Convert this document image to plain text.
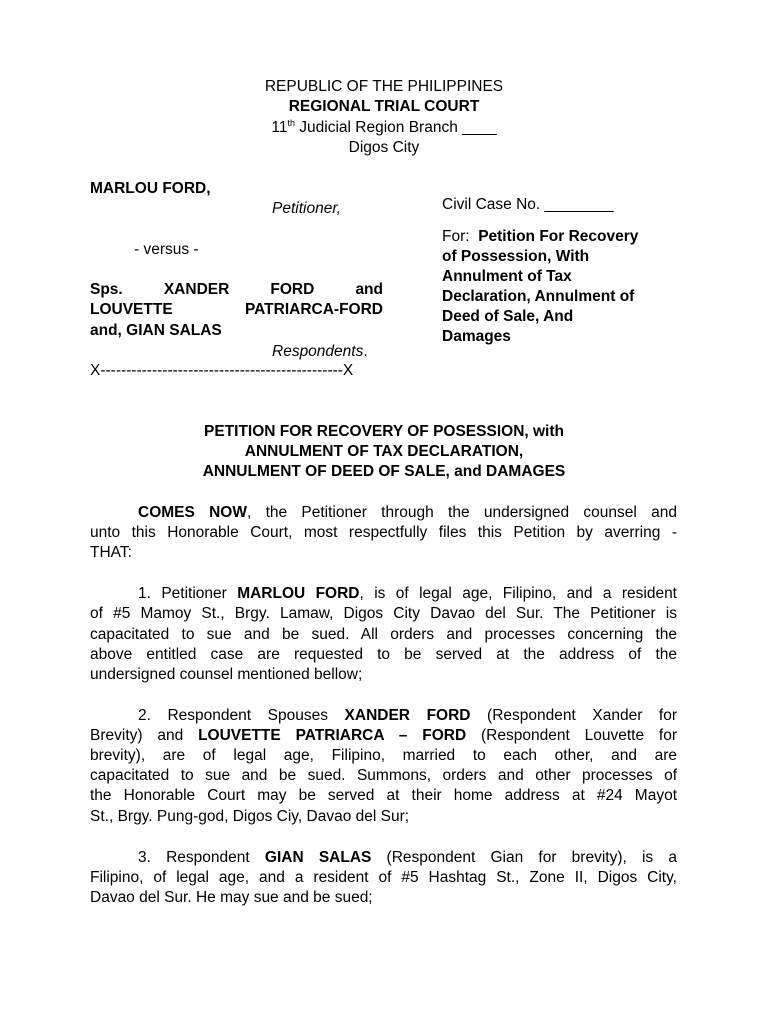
REPUBLIC OF THE PHILIPPINES
REGIONAL TRIAL COURT
11th Judicial Region Branch ____
Digos City
MARLOU FORD,
Petitioner,
- versus -
Sps.	XANDER	FORD	and
LOUVETTE	PATRIARCA-FORD
and, GIAN SALAS
Respondents.
X-----------------------------------------------X
Civil Case No. ________
For: Petition For Recovery
of Possession, With
Annulment of Tax
Declaration, Annulment of
Deed of Sale, And
Damages
PETITION FOR RECOVERY OF POSESSION, with
ANNULMENT OF TAX DECLARATION,
ANNULMENT OF DEED OF SALE, and DAMAGES
COMES NOW, the Petitioner through the undersigned counsel and
unto this Honorable Court, most respectfully files this Petition by averring -
THAT:
1. Petitioner MARLOU FORD, is of legal age, Filipino, and a resident
of #5 Mamoy St., Brgy. Lamaw, Digos City Davao del Sur. The Petitioner is
capacitated to sue and be sued. All orders and processes concerning the
above entitled case are requested to be served at the address of the
undersigned counsel mentioned bellow;
2. Respondent Spouses XANDER FORD (Respondent Xander for
Brevity) and LOUVETTE PATRIARCA – FORD (Respondent Louvette for
brevity), are of legal age, Filipino, married to each other, and are
capacitated to sue and be sued. Summons, orders and other processes of
the Honorable Court may be served at their home address at #24 Mayot
St., Brgy. Pung-god, Digos Ciy, Davao del Sur;
3. Respondent GIAN SALAS (Respondent Gian for brevity), is a
Filipino, of legal age, and a resident of #5 Hashtag St., Zone II, Digos City,
Davao del Sur. He may sue and be sued;
